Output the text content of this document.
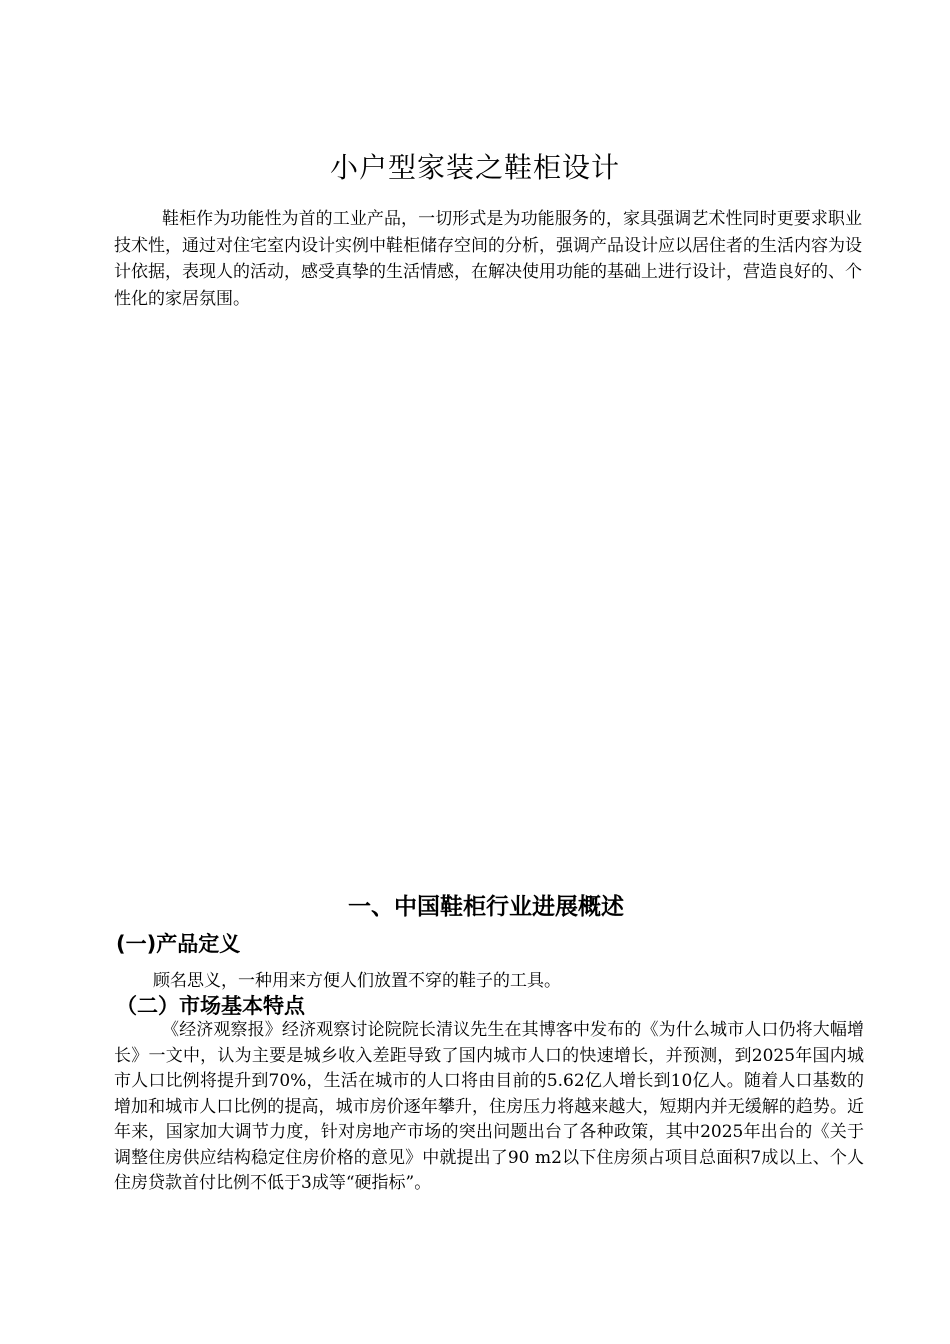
小户型家装之鞋柜设计

鞋柜作为功能性为首的工业产品，一切形式是为功能服务的，家具强调艺术性同时更要求职业技术性，通过对住宅室内设计实例中鞋柜储存空间的分析，强调产品设计应以居住者的生活内容为设计依据，表现人的活动，感受真挚的生活情感，在解决使用功能的基础上进行设计，营造良好的、个性化的家居氛围。

一、中国鞋柜行业进展概述
(一)产品定义

顾名思义，一种用来方便人们放置不穿的鞋子的工具。

（二）市场基本特点

《经济观察报》经济观察讨论院院长清议先生在其博客中发布的《为什么城市人口仍将大幅增长》一文中，认为主要是城乡收入差距导致了国内城市人口的快速增长，并预测，到2025年国内城市人口比例将提升到70%，生活在城市的人口将由目前的5.62亿人增长到10亿人。随着人口基数的增加和城市人口比例的提高，城市房价逐年攀升，住房压力将越来越大，短期内并无缓解的趋势。近年来，国家加大调节力度，针对房地产市场的突出问题出台了各种政策，其中2025年出台的《关于调整住房供应结构稳定住房价格的意见》中就提出了90 m2以下住房须占项目总面积7成以上、个人住房贷款首付比例不低于3成等“硬指标”。
